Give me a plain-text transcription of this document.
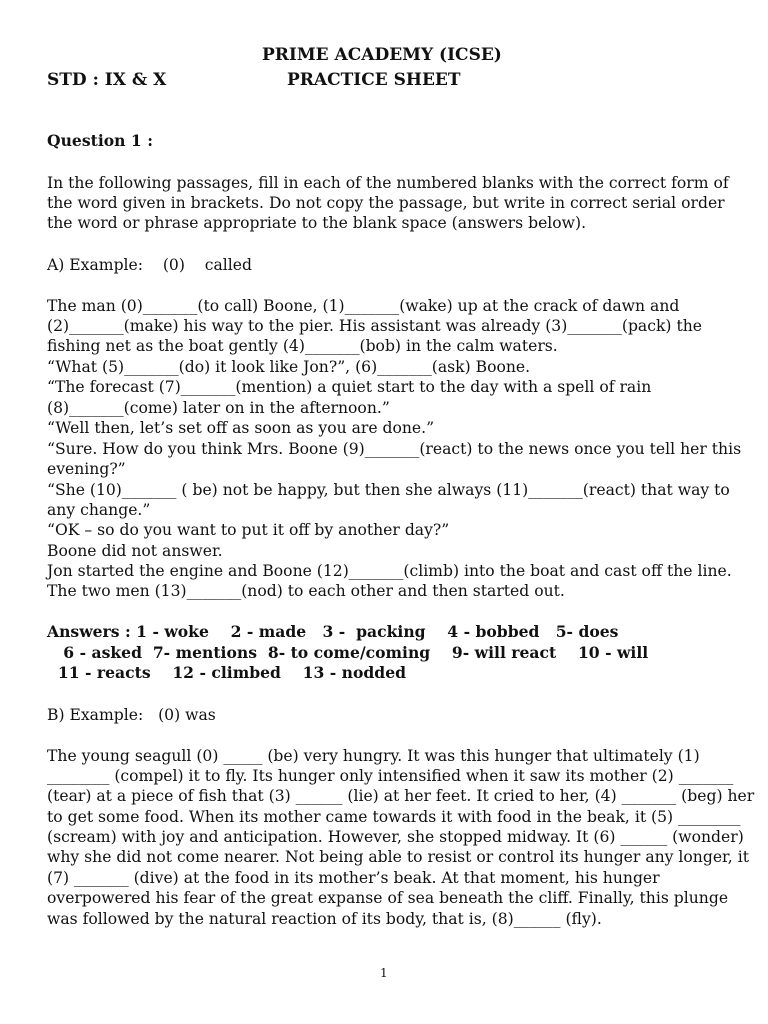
PRIME ACADEMY (ICSE)
STD : IX & X	PRACTICE SHEET
Question 1 :
In the following passages, fill in each of the numbered blanks with the correct form of
the word given in brackets. Do not copy the passage, but write in correct serial order
the word or phrase appropriate to the blank space (answers below).
A) Example:    (0)    called
The man (0)_______(to call) Boone, (1)_______(wake) up at the crack of dawn and
(2)_______(make) his way to the pier. His assistant was already (3)_______(pack) the
fishing net as the boat gently (4)_______(bob) in the calm waters.
“What (5)_______(do) it look like Jon?”, (6)_______(ask) Boone.
“The forecast (7)_______(mention) a quiet start to the day with a spell of rain
(8)_______(come) later on in the afternoon.”
“Well then, let’s set off as soon as you are done.”
“Sure. How do you think Mrs. Boone (9)_______(react) to the news once you tell her this
evening?”
“She (10)_______ ( be) not be happy, but then she always (11)_______(react) that way to
any change.”
“OK – so do you want to put it off by another day?”
Boone did not answer.
Jon started the engine and Boone (12)_______(climb) into the boat and cast off the line.
The two men (13)_______(nod) to each other and then started out.
Answers : 1 - woke    2 - made   3 -  packing    4 - bobbed   5- does
6 - asked  7- mentions  8- to come/coming    9- will react    10 - will
11 - reacts    12 - climbed    13 - nodded
B) Example:   (0) was
The young seagull (0) _____ (be) very hungry. It was this hunger that ultimately (1)
________ (compel) it to fly. Its hunger only intensified when it saw its mother (2) _______
(tear) at a piece of fish that (3) ______ (lie) at her feet. It cried to her, (4) _______ (beg) her
to get some food. When its mother came towards it with food in the beak, it (5) ________
(scream) with joy and anticipation. However, she stopped midway. It (6) ______ (wonder)
why she did not come nearer. Not being able to resist or control its hunger any longer, it
(7) _______ (dive) at the food in its mother’s beak. At that moment, his hunger
overpowered his fear of the great expanse of sea beneath the cliff. Finally, this plunge
was followed by the natural reaction of its body, that is, (8)______ (fly).
1
